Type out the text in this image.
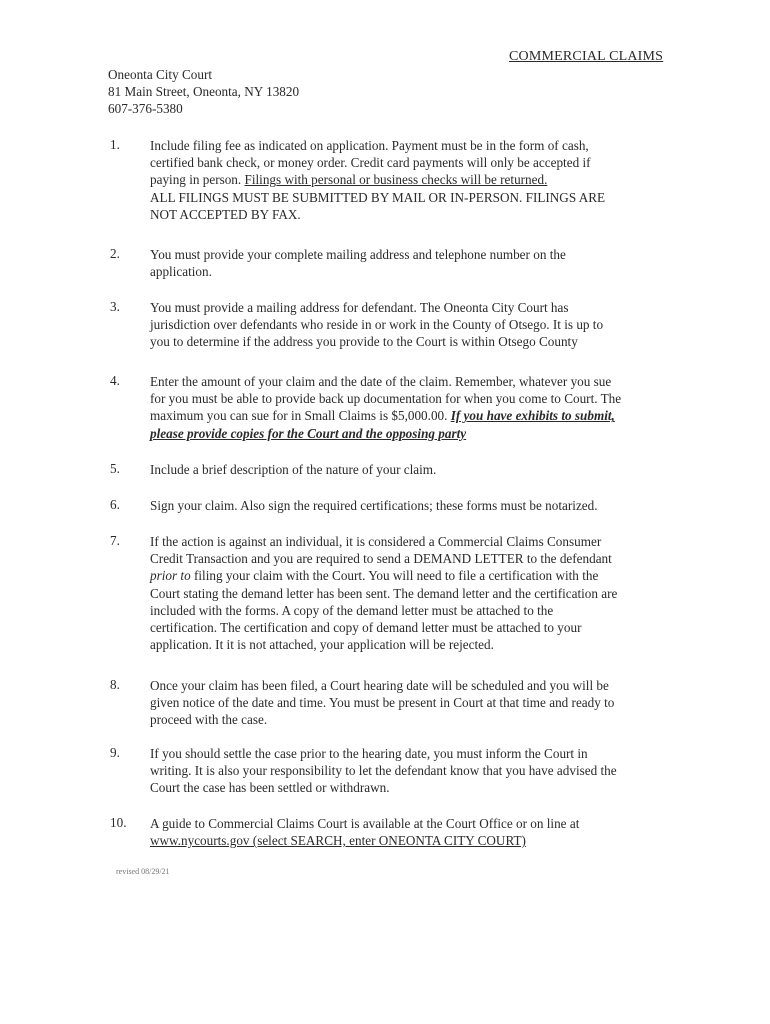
COMMERCIAL CLAIMS
Oneonta City Court
81 Main Street, Oneonta, NY 13820
607-376-5380
1. Include filing fee as indicated on application. Payment must be in the form of cash,
certified bank check, or money order. Credit card payments will only be accepted if
paying in person. Filings with personal or business checks will be returned.
ALL FILINGS MUST BE SUBMITTED BY MAIL OR IN-PERSON. FILINGS ARE
NOT ACCEPTED BY FAX.
2. You must provide your complete mailing address and telephone number on the
application.
3. You must provide a mailing address for defendant. The Oneonta City Court has
jurisdiction over defendants who reside in or work in the County of Otsego. It is up to
you to determine if the address you provide to the Court is within Otsego County
4. Enter the amount of your claim and the date of the claim. Remember, whatever you sue
for you must be able to provide back up documentation for when you come to Court. The
maximum you can sue for in Small Claims is $5,000.00. If you have exhibits to submit,
please provide copies for the Court and the opposing party
5. Include a brief description of the nature of your claim.
6. Sign your claim. Also sign the required certifications; these forms must be notarized.
7. If the action is against an individual, it is considered a Commercial Claims Consumer
Credit Transaction and you are required to send a DEMAND LETTER to the defendant
prior to filing your claim with the Court. You will need to file a certification with the
Court stating the demand letter has been sent. The demand letter and the certification are
included with the forms. A copy of the demand letter must be attached to the
certification. The certification and copy of demand letter must be attached to your
application. It it is not attached, your application will be rejected.
8. Once your claim has been filed, a Court hearing date will be scheduled and you will be
given notice of the date and time. You must be present in Court at that time and ready to
proceed with the case.
9. If you should settle the case prior to the hearing date, you must inform the Court in
writing. It is also your responsibility to let the defendant know that you have advised the
Court the case has been settled or withdrawn.
10. A guide to Commercial Claims Court is available at the Court Office or on line at
www.nycourts.gov (select SEARCH, enter ONEONTA CITY COURT)
revised 08/29/21
